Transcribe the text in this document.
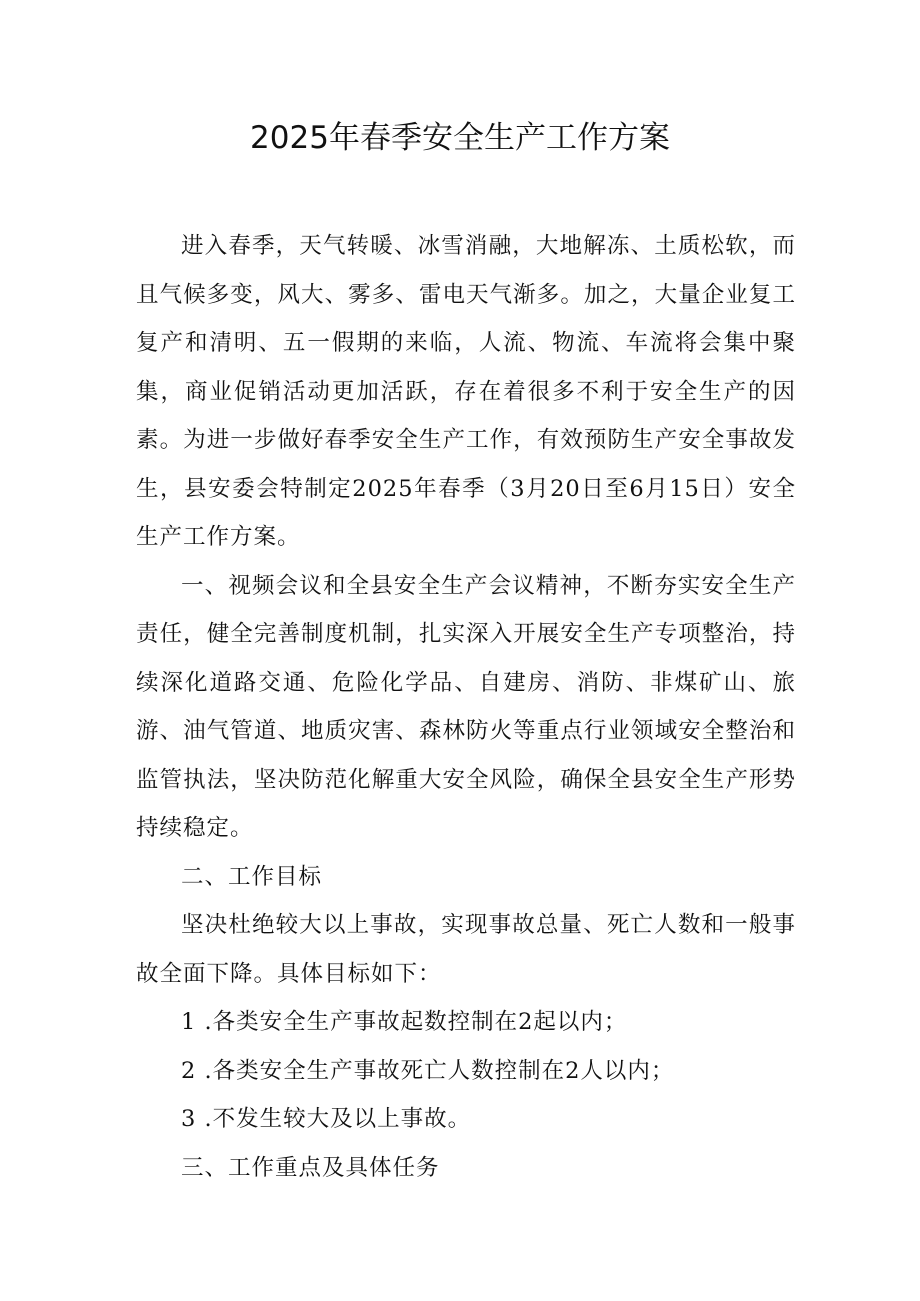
2025年春季安全生产工作方案

进入春季，天气转暖、冰雪消融，大地解冻、土质松软，而且气候多变，风大、雾多、雷电天气渐多。加之，大量企业复工复产和清明、五一假期的来临，人流、物流、车流将会集中聚集，商业促销活动更加活跃，存在着很多不利于安全生产的因素。为进一步做好春季安全生产工作，有效预防生产安全事故发生，县安委会特制定2025年春季（3月20日至6月15日）安全生产工作方案。

一、视频会议和全县安全生产会议精神，不断夯实安全生产责任，健全完善制度机制，扎实深入开展安全生产专项整治，持续深化道路交通、危险化学品、自建房、消防、非煤矿山、旅游、油气管道、地质灾害、森林防火等重点行业领域安全整治和监管执法，坚决防范化解重大安全风险，确保全县安全生产形势持续稳定。

二、工作目标

坚决杜绝较大以上事故，实现事故总量、死亡人数和一般事故全面下降。具体目标如下：

1 .各类安全生产事故起数控制在2起以内；

2 .各类安全生产事故死亡人数控制在2人以内；

3 .不发生较大及以上事故。

三、工作重点及具体任务
